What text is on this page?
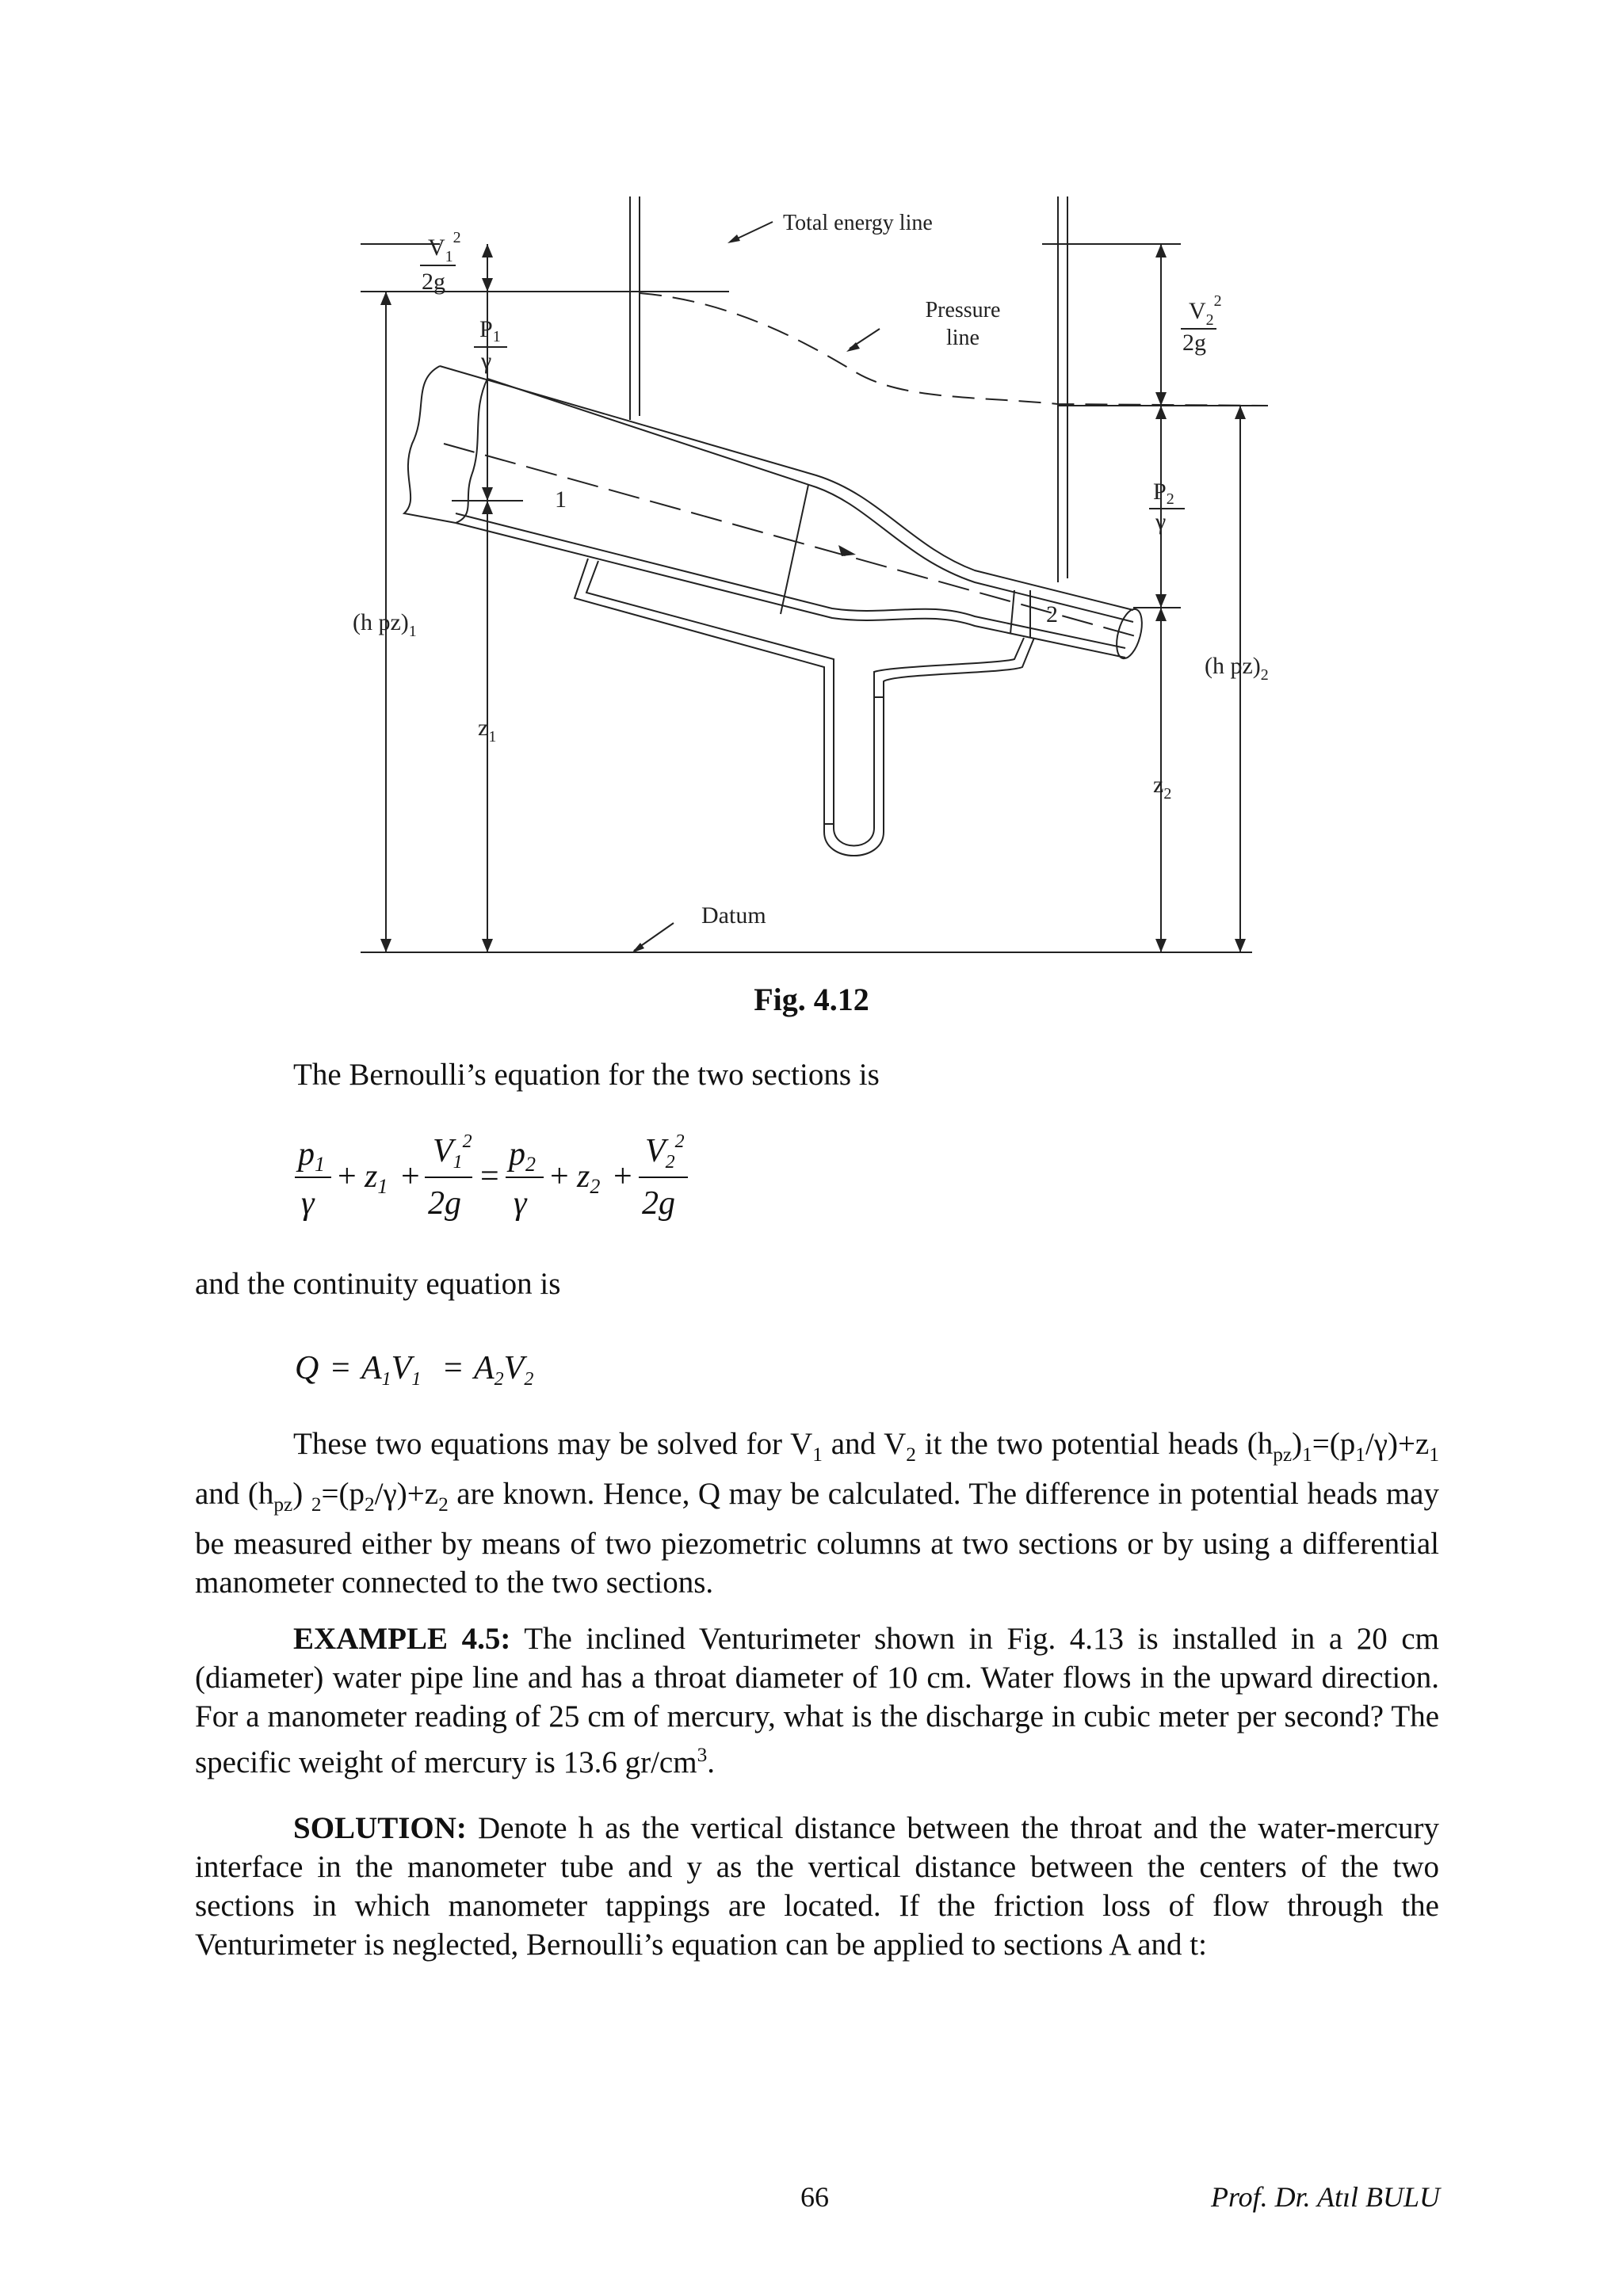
Total energy line
Pressure
line
$V_1^2$
2g
$P_1$
γ
1
(h $pz)_1$
$z_1$
$V_2^2$
2g
$P_2$
γ
2
(h $pz)_2$
$z_2$
Datum
Fig. 4.12
The Bernoulli’s equation for the two sections is
p1
γ
+ z1 +
$V1^2$
2g
=
p2
γ
+ z2 +
$V2^2$
2g
and the continuity equation is
Q = A1V1 = A2V2
These two equations may be solved for $V_1$ and $V_2$ it the two potential heads $(h_{pz})_1=(p_1/\gamma)+z_1$ and $(h_{pz})$ $_2=(p_2/\gamma)+z_2$ are known. Hence, Q may be calculated. The difference in potential heads may be measured either by means of two piezometric columns at two sections or by using a differential manometer connected to the two sections.
EXAMPLE 4.5: The inclined Venturimeter shown in Fig. 4.13 is installed in a 20 cm (diameter) water pipe line and has a throat diameter of 10 cm. Water flows in the upward direction. For a manometer reading of 25 cm of mercury, what is the discharge in cubic meter per second? The specific weight of mercury is 13.6 $gr/cm^3$.
SOLUTION: Denote h as the vertical distance between the throat and the water-mercury interface in the manometer tube and y as the vertical distance between the centers of the two sections in which manometer tappings are located. If the friction loss of flow through the Venturimeter is neglected, Bernoulli’s equation can be applied to sections A and t:
66	Prof. Dr. Atıl BULU
